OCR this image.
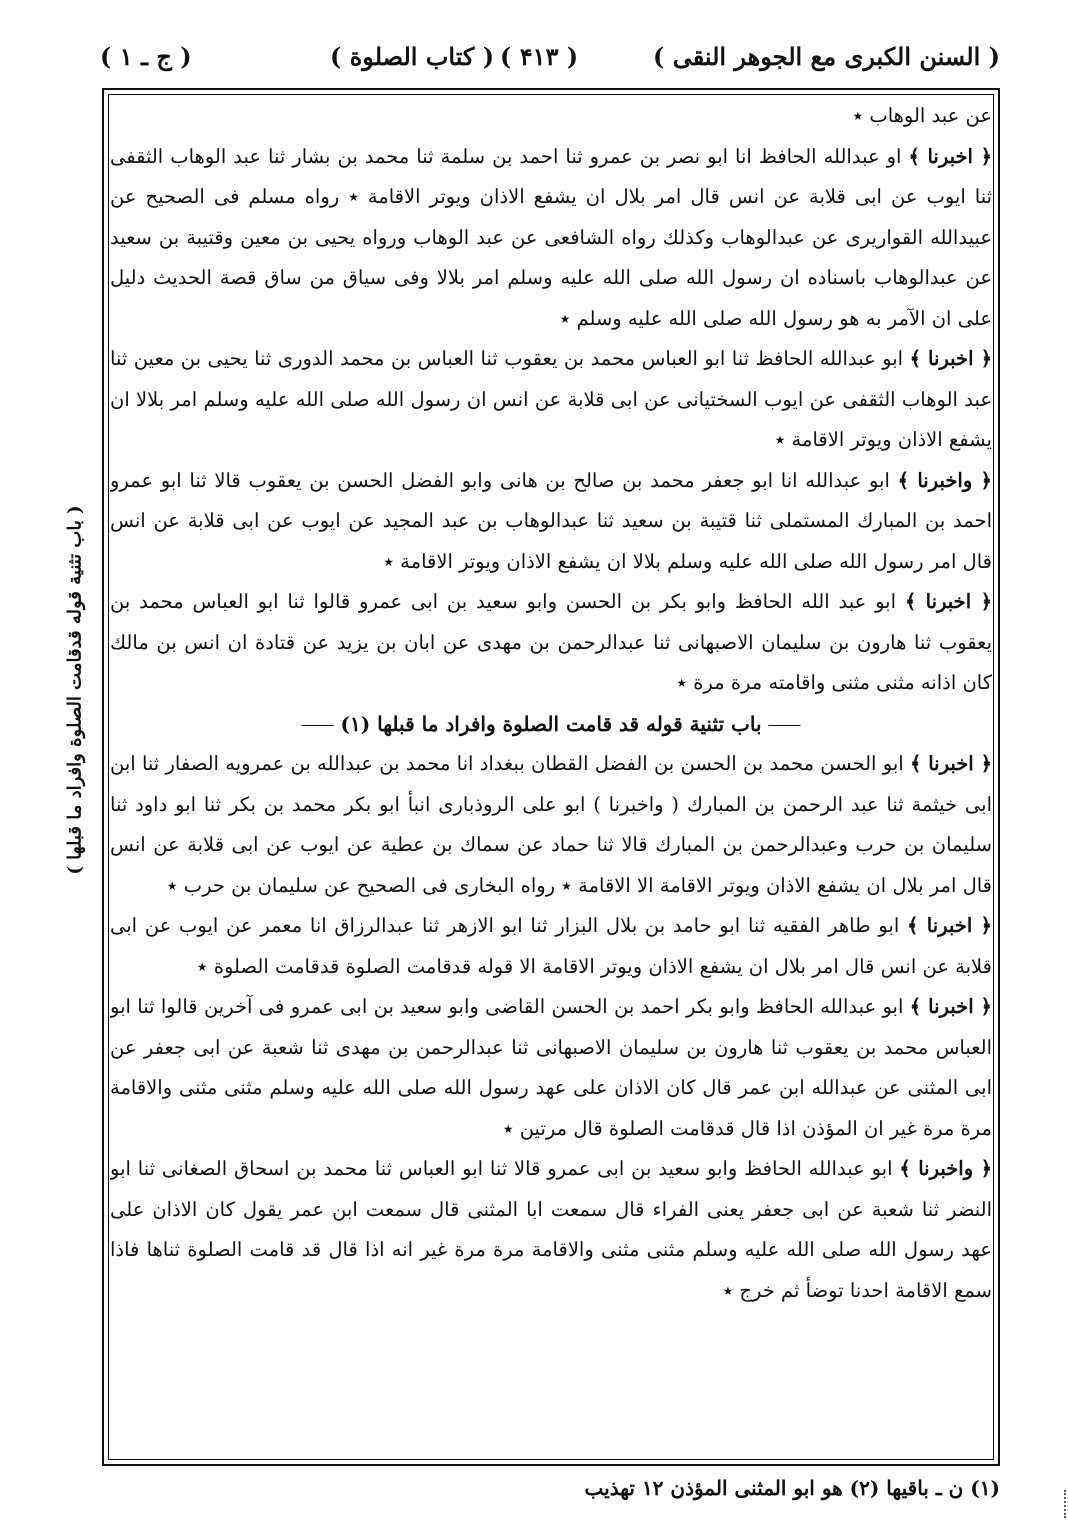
( السنن الكبرى مع الجوهر النقى )
( ۴۱۳ )
( كتاب الصلوة )
( ج ـ ۱ )
( باب تثنية قوله قدقامت الصلوة وافراد ما قبلها )

عن عبد الوهاب ٭

﴿ اخبرنا ﴾ او عبدالله الحافظ انا ابو نصر بن عمرو ثنا احمد بن سلمة ثنا محمد بن بشار ثنا عبد الوهاب الثقفى ثنا ايوب عن ابى قلابة عن انس قال امر بلال ان يشفع الاذان ويوتر الاقامة ٭ رواه مسلم فى الصحيح عن عبيدالله القواريرى عن عبدالوهاب وكذلك رواه الشافعى عن عبد الوهاب ورواه يحيى بن معين وقتيبة بن سعيد عن عبدالوهاب باسناده ان رسول الله صلى الله عليه وسلم امر بلالا وفى سياق من ساق قصة الحديث دليل على ان الآمر به هو رسول الله صلى الله عليه وسلم ٭

﴿ اخبرنا ﴾ ابو عبدالله الحافظ ثنا ابو العباس محمد بن يعقوب ثنا العباس بن محمد الدورى ثنا يحيى بن معين ثنا عبد الوهاب الثقفى عن ايوب السختيانى عن ابى قلابة عن انس ان رسول الله صلى الله عليه وسلم امر بلالا ان يشفع الاذان ويوتر الاقامة ٭

﴿ واخبرنا ﴾ ابو عبدالله انا ابو جعفر محمد بن صالح بن هانى وابو الفضل الحسن بن يعقوب قالا ثنا ابو عمرو احمد بن المبارك المستملى ثنا قتيبة بن سعيد ثنا عبدالوهاب بن عبد المجيد عن ايوب عن ابى قلابة عن انس قال امر رسول الله صلى الله عليه وسلم بلالا ان يشفع الاذان ويوتر الاقامة ٭

﴿ اخبرنا ﴾ ابو عبد الله الحافظ وابو بكر بن الحسن وابو سعيد بن ابى عمرو قالوا ثنا ابو العباس محمد بن يعقوب ثنا هارون بن سليمان الاصبهانى ثنا عبدالرحمن بن مهدى عن ابان بن يزيد عن قتادة ان انس بن مالك كان اذانه مثنى مثنى واقامته مرة مرة ٭

⸺باب تثنية قوله قد قامت الصلوة وافراد ما قبلها (۱)⸺

﴿ اخبرنا ﴾ ابو الحسن محمد بن الحسن بن الفضل القطان ببغداد انا محمد بن عبدالله بن عمرويه الصفار ثنا ابن ابى خيثمة ثنا عبد الرحمن بن المبارك ( واخبرنا ) ابو على الروذبارى انبأ ابو بكر محمد بن بكر ثنا ابو داود ثنا سليمان بن حرب وعبدالرحمن بن المبارك قالا ثنا حماد عن سماك بن عطية عن ايوب عن ابى قلابة عن انس قال امر بلال ان يشفع الاذان ويوتر الاقامة الا الاقامة ٭ رواه البخارى فى الصحيح عن سليمان بن حرب ٭

﴿ اخبرنا ﴾ ابو طاهر الفقيه ثنا ابو حامد بن بلال البزار ثنا ابو الازهر ثنا عبدالرزاق انا معمر عن ايوب عن ابى قلابة عن انس قال امر بلال ان يشفع الاذان ويوتر الاقامة الا قوله قدقامت الصلوة قدقامت الصلوة ٭

﴿ اخبرنا ﴾ ابو عبدالله الحافظ وابو بكر احمد بن الحسن القاضى وابو سعيد بن ابى عمرو فى آخرين قالوا ثنا ابو العباس محمد بن يعقوب ثنا هارون بن سليمان الاصبهانى ثنا عبدالرحمن بن مهدى ثنا شعبة عن ابى جعفر عن ابى المثنى عن عبدالله ابن عمر قال كان الاذان على عهد رسول الله صلى الله عليه وسلم مثنى مثنى والاقامة مرة مرة غير ان المؤذن اذا قال قدقامت الصلوة قال مرتين ٭

﴿ واخبرنا ﴾ ابو عبدالله الحافظ وابو سعيد بن ابى عمرو قالا ثنا ابو العباس ثنا محمد بن اسحاق الصغانى ثنا ابو النضر ثنا شعبة عن ابى جعفر يعنى الفراء قال سمعت ابا المثنى قال سمعت ابن عمر يقول كان الاذان على عهد رسول الله صلى الله عليه وسلم مثنى مثنى والاقامة مرة مرة غير انه اذا قال قد قامت الصلوة ثناها فاذا سمع الاقامة احدنا توضأ ثم خرج ٭

(۱) ن ـ باقيها (۲) هو ابو المثنى المؤذن ۱۲ تهذيب
